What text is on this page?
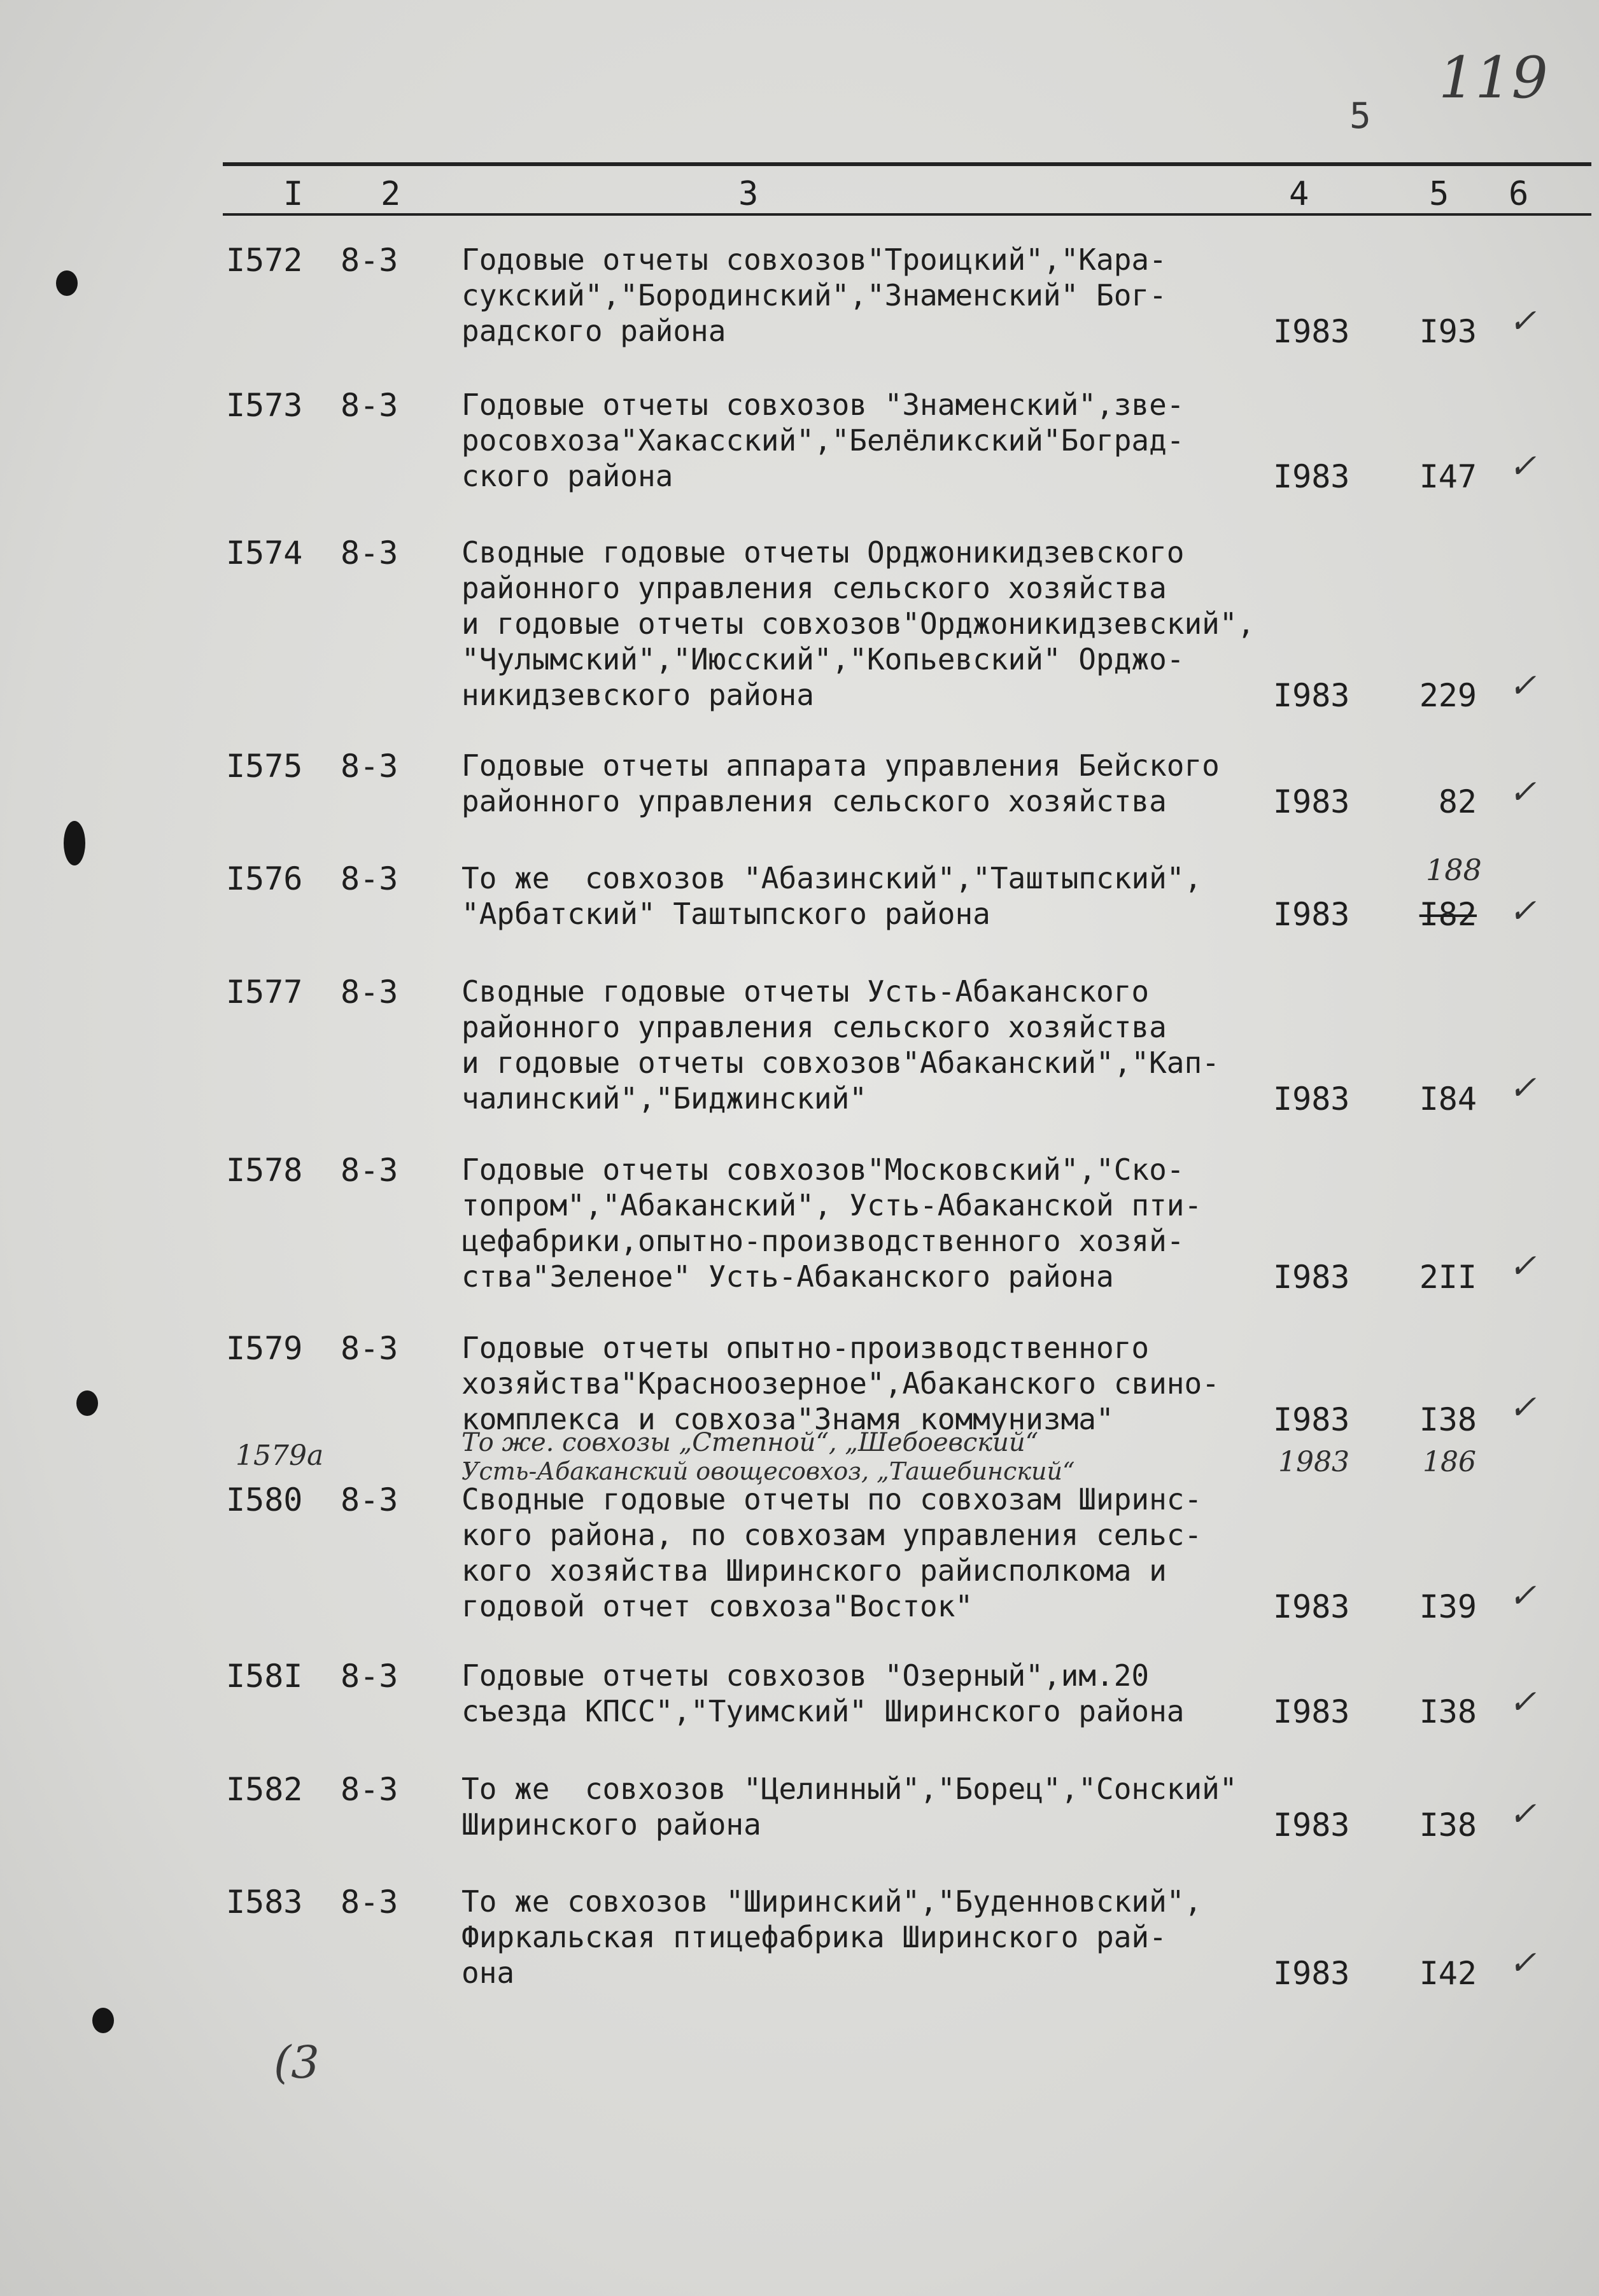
5
119
I 2	3	4	5 6
I572 8-3 Годовые отчеты совхозов"Троицкий","Кара-
сукский","Бородинский","Знаменский" Бог-
радского района	I983	I93 ✓
I573 8-3 Годовые отчеты совхозов "Знаменский",зве-
росовхоза"Хакасский","Белёликский"Боград-
ского района	I983	I47 ✓
I574 8-3 Сводные годовые отчеты Орджоникидзевского
районного управления сельского хозяйства
и годовые отчеты совхозов"Орджоникидзевский",
"Чулымский","Июсский","Копьевский" Орджо-
никидзевского района	I983	229 ✓
I575 8-3 Годовые отчеты аппарата управления Бейского
районного управления сельского хозяйства	I983	82 ✓
I576 8-3 То же  совхозов "Абазинский","Таштыпский",
"Арбатский" Таштыпского района	I983	I82
188
✓
I577 8-3 Сводные годовые отчеты Усть-Абаканского
районного управления сельского хозяйства
и годовые отчеты совхозов"Абаканский","Кап-
чалинский","Биджинский"	I983	I84 ✓
I578 8-3 Годовые отчеты совхозов"Московский","Ско-
топром","Абаканский", Усть-Абаканской пти-
цефабрики,опытно-производственного хозяй-
ства"Зеленое" Усть-Абаканского района	I983	2II ✓
I579 8-3 Годовые отчеты опытно-производственного
хозяйства"Красноозерное",Абаканского свино-
комплекса и совхоза"Знамя коммунизма"	I983	I38 ✓
1579а	То же. совхозы „Степной“, „Шебоевский“
Усть-Абаканский овощесовхоз, „Ташебинский“	1983	186
I580 8-3 Сводные годовые отчеты по совхозам Ширинс-
кого района, по совхозам управления сельс-
кого хозяйства Ширинского райисполкома и
годовой отчет совхоза"Восток"	I983	I39 ✓
I58I 8-3 Годовые отчеты совхозов "Озерный",им.20
съезда КПСС","Туимский" Ширинского района	I983	I38 ✓
I582 8-3 То же  совхозов "Целинный","Борец","Сонский"
Ширинского района	I983	I38 ✓
I583 8-3 То же совхозов "Ширинский","Буденновский",
Фиркальская птицефабрика Ширинского рай-
она	I983	I42 ✓
(3
